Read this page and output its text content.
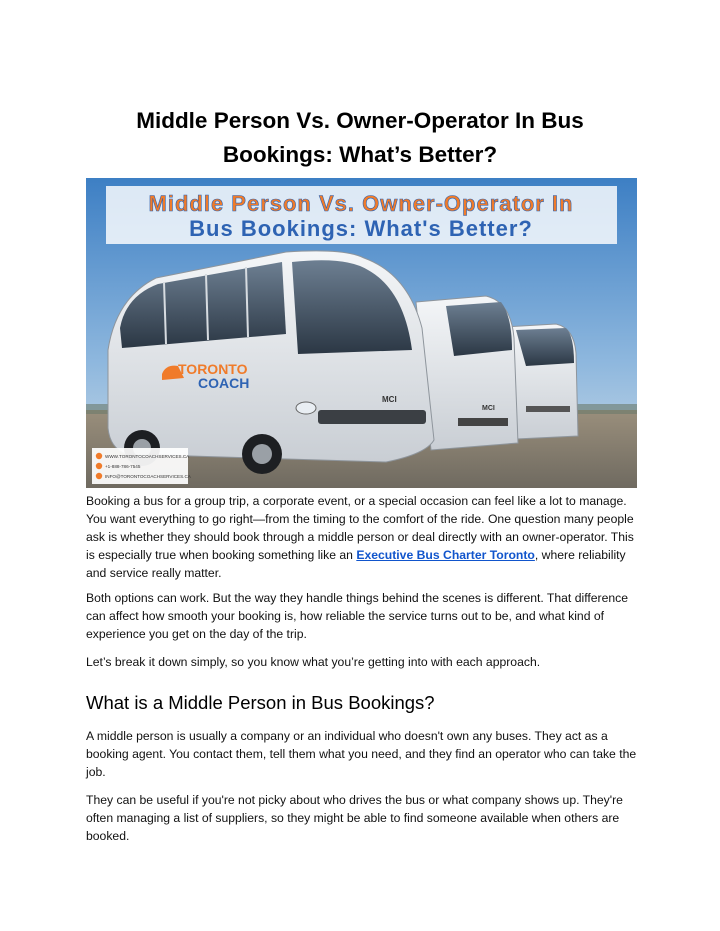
Middle Person Vs. Owner-Operator In Bus
Bookings: What’s Better?
Middle Person Vs. Owner-Operator In
Bus Bookings: What's Better?
MCI
TORONTO
COACH
MCI
WWW.TORONTOCOACHSERVICES.CA
+1-888-786-7545
INFO@TORONTOCOACHSERVICES.CA

Booking a bus for a group trip, a corporate event, or a special occasion can feel like a lot to manage. You want everything to go right—from the timing to the comfort of the ride. One question many people ask is whether they should book through a middle person or deal directly with an owner-operator. This is especially true when booking something like an Executive Bus Charter Toronto, where reliability and service really matter.

Both options can work. But the way they handle things behind the scenes is different. That difference can affect how smooth your booking is, how reliable the service turns out to be, and what kind of experience you get on the day of the trip.

Let’s break it down simply, so you know what you’re getting into with each approach.

What is a Middle Person in Bus Bookings?

A middle person is usually a company or an individual who doesn't own any buses. They act as a booking agent. You contact them, tell them what you need, and they find an operator who can take the job.

They can be useful if you're not picky about who drives the bus or what company shows up. They're often managing a list of suppliers, so they might be able to find someone available when others are booked.
